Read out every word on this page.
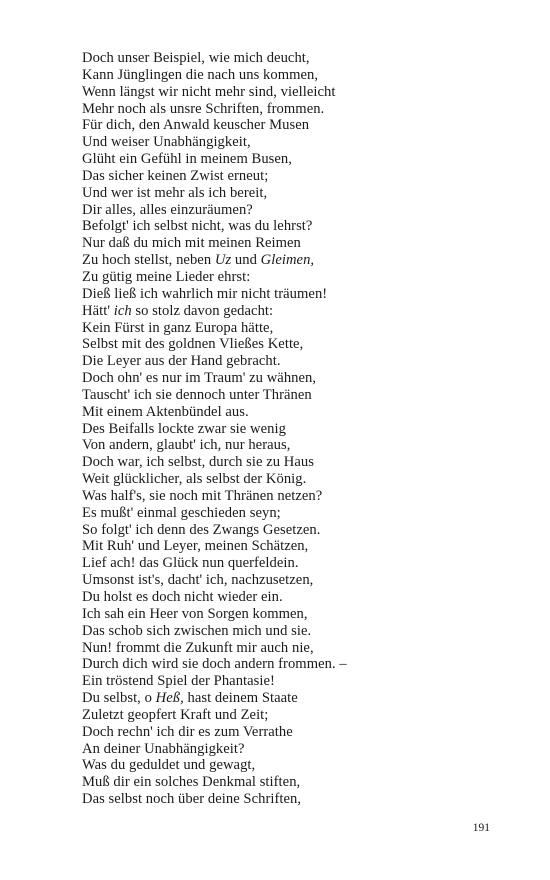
Doch unser Beispiel, wie mich deucht,
Kann Jünglingen die nach uns kommen,
Wenn längst wir nicht mehr sind, vielleicht
Mehr noch als unsre Schriften, frommen.
Für dich, den Anwald keuscher Musen
Und weiser Unabhängigkeit,
Glüht ein Gefühl in meinem Busen,
Das sicher keinen Zwist erneut;
Und wer ist mehr als ich bereit,
Dir alles, alles einzuräumen?
Befolgt' ich selbst nicht, was du lehrst?
Nur daß du mich mit meinen Reimen
Zu hoch stellst, neben Uz und Gleimen,
Zu gütig meine Lieder ehrst:
Dieß ließ ich wahrlich mir nicht träumen!
Hätt' ich so stolz davon gedacht:
Kein Fürst in ganz Europa hätte,
Selbst mit des goldnen Vließes Kette,
Die Leyer aus der Hand gebracht.
Doch ohn' es nur im Traum' zu wähnen,
Tauscht' ich sie dennoch unter Thränen
Mit einem Aktenbündel aus.
Des Beifalls lockte zwar sie wenig
Von andern, glaubt' ich, nur heraus,
Doch war, ich selbst, durch sie zu Haus
Weit glücklicher, als selbst der König.
Was half's, sie noch mit Thränen netzen?
Es mußt' einmal geschieden seyn;
So folgt' ich denn des Zwangs Gesetzen.
Mit Ruh' und Leyer, meinen Schätzen,
Lief ach! das Glück nun querfeldein.
Umsonst ist's, dacht' ich, nachzusetzen,
Du holst es doch nicht wieder ein.
Ich sah ein Heer von Sorgen kommen,
Das schob sich zwischen mich und sie.
Nun! frommt die Zukunft mir auch nie,
Durch dich wird sie doch andern frommen. –
Ein tröstend Spiel der Phantasie!
Du selbst, o Heß, hast deinem Staate
Zuletzt geopfert Kraft und Zeit;
Doch rechn' ich dir es zum Verrathe
An deiner Unabhängigkeit?
Was du geduldet und gewagt,
Muß dir ein solches Denkmal stiften,
Das selbst noch über deine Schriften,
191
